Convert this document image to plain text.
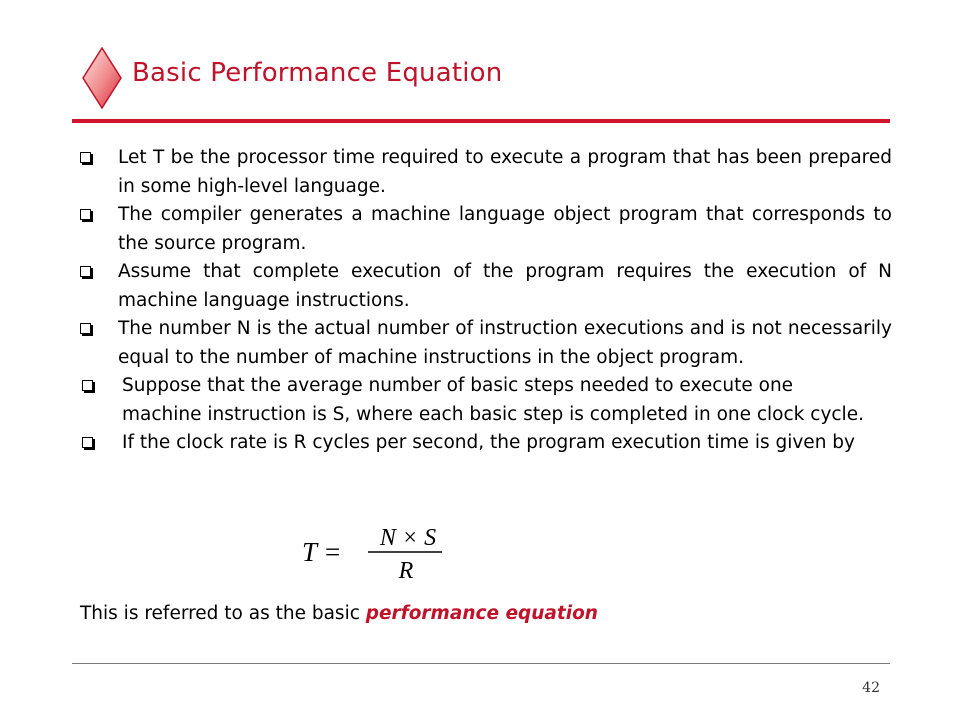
Basic Performance Equation
Let T be the processor time required to execute a program that has been prepared in some high-level language.
The compiler generates a machine language object program that corresponds to the source program.
Assume that complete execution of the program requires the execution of N machine language instructions.
The number N is the actual number of instruction executions and is not necessarily equal to the number of machine instructions in the object program.
Suppose that the average number of basic steps needed to execute one machine instruction is S, where each basic step is completed in one clock cycle.
If the clock rate is R cycles per second, the program execution time is given by
T = N × S
R
This is referred to as the basic performance equation
42
